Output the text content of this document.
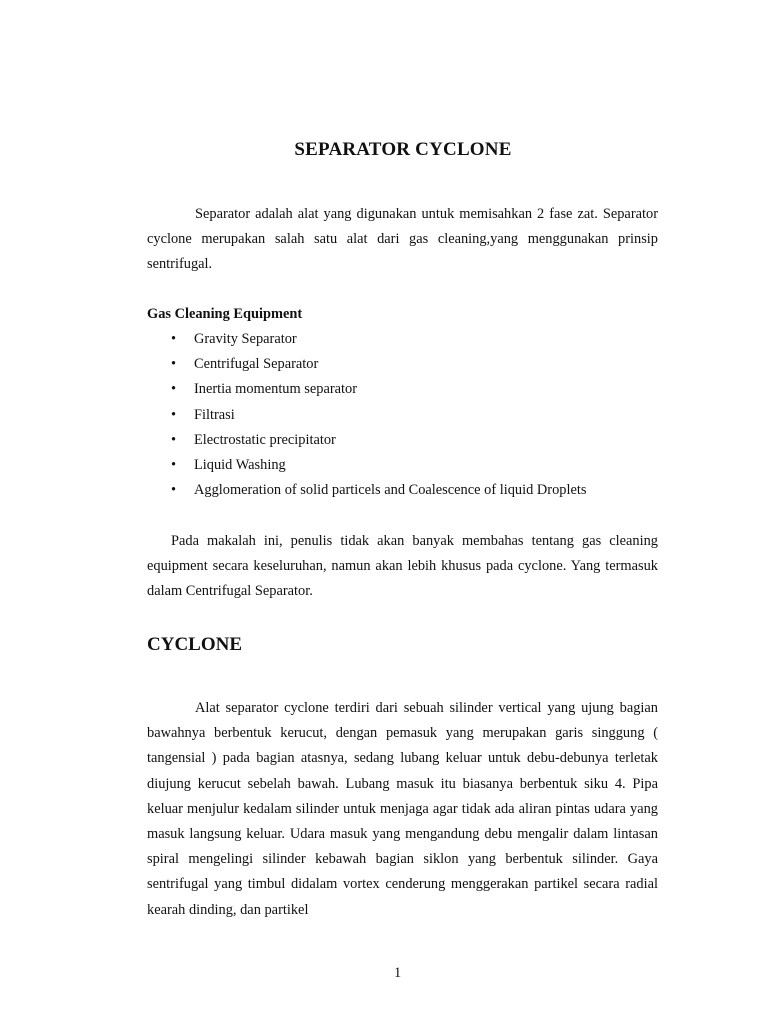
SEPARATOR CYCLONE

Separator adalah alat yang digunakan untuk memisahkan 2 fase zat. Separator cyclone merupakan salah satu alat dari gas cleaning,yang menggunakan prinsip sentrifugal.

Gas Cleaning Equipment
• Gravity Separator
• Centrifugal Separator
• Inertia momentum separator
• Filtrasi
• Electrostatic precipitator
• Liquid Washing
• Agglomeration of solid particels and Coalescence of liquid Droplets

Pada makalah ini, penulis tidak akan banyak membahas tentang gas cleaning equipment secara keseluruhan, namun akan lebih khusus pada cyclone. Yang termasuk dalam Centrifugal Separator.

CYCLONE

Alat separator cyclone terdiri dari sebuah silinder vertical yang ujung bagian bawahnya berbentuk kerucut, dengan pemasuk yang merupakan garis singgung ( tangensial ) pada bagian atasnya, sedang lubang keluar untuk debu-debunya terletak diujung kerucut sebelah bawah. Lubang masuk itu biasanya berbentuk siku 4. Pipa keluar menjulur kedalam silinder untuk menjaga agar tidak ada aliran pintas udara yang masuk langsung keluar. Udara masuk yang mengandung debu mengalir dalam lintasan spiral mengelingi silinder kebawah bagian siklon yang berbentuk silinder. Gaya sentrifugal yang timbul didalam vortex cenderung menggerakan partikel secara radial kearah dinding, dan partikel

1
